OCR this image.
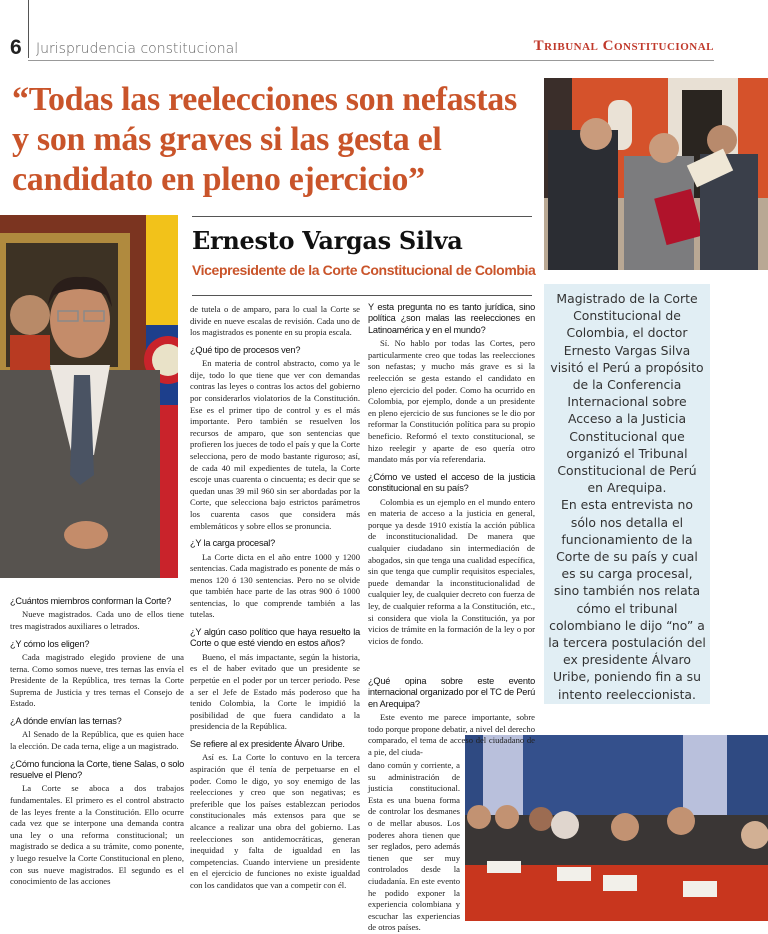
6 Jurisprudencia constitucional	Tribunal Constitucional
“Todas las reelecciones son nefastas y son más graves si las gesta el candidato en pleno ejercicio”
Ernesto Vargas Silva
Vicepresidente de la Corte Constitucional de Colombia

Magistrado de la Corte Constitucional de Colombia, el doctor Ernesto Vargas Silva visitó el Perú a propósito de la Conferencia Internacional sobre Acceso a la Justicia Constitucional que organizó el Tribunal Constitucional de Perú en Arequipa.

En esta entrevista no sólo nos detalla el funcionamiento de la Corte de su país y cual es su carga procesal, sino también nos relata cómo el tribunal colombiano le dijo “no” a la tercera postulación del ex presidente Álvaro Uribe, poniendo fin a su intento reeleccionista.

¿Cuántos miembros conforman la Corte?

Nueve magistrados. Cada uno de ellos tiene tres magistrados auxiliares o letrados.

¿Y cómo los eligen?

Cada magistrado elegido proviene de una terna. Como somos nueve, tres ternas las envía el Presidente de la República, tres ternas la Corte Suprema de Justicia y tres ternas el Consejo de Estado.

¿A dónde envían las ternas?

Al Senado de la República, que es quien hace la elección. De cada terna, elige a un magistrado.

¿Cómo funciona la Corte, tiene Salas, o solo resuelve el Pleno?

La Corte se aboca a dos trabajos fundamentales. El primero es el control abstracto de las leyes frente a la Constitución. Ello ocurre cada vez que se interpone una demanda contra una ley o una reforma constitucional; un magistrado se dedica a su trámite, como ponente, y luego resuelve la Corte Constitucional en pleno, con sus nueve magistrados. El segundo es el conocimiento de las acciones

de tutela o de amparo, para lo cual la Corte se divide en nueve escalas de revisión. Cada uno de los magistrados es ponente en su propia escala.

¿Qué tipo de procesos ven?

En materia de control abstracto, como ya le dije, todo lo que tiene que ver con demandas contras las leyes o contras los actos del gobierno por considerarlos violatorios de la Constitución. Ese es el primer tipo de control y es el más importante. Pero también se resuelven los recursos de amparo, que son sentencias que profieren los jueces de todo el país y que la Corte selecciona, pero de modo bastante riguroso; así, de cada 40 mil expedientes de tutela, la Corte escoje unas cuarenta o cincuenta; es decir que se quedan unas 39 mil 960 sin ser abordadas por la Corte, que selecciona bajo estrictos parámetros los cuarenta casos que considera más emblemáticos y sobre ellos se pronuncia.

¿Y la carga procesal?

La Corte dicta en el año entre 1000 y 1200 sentencias. Cada magistrado es ponente de más o menos 120 ó 130 sentencias. Pero no se olvide que también hace parte de las otras 900 ó 1000 sentencias, lo que comprende también a las tutelas.

¿Y algún caso político que haya resuelto la Corte o que esté viendo en estos años?

Bueno, el más impactante, según la historia, es el de haber evitado que un presidente se perpetúe en el poder por un tercer periodo. Pese a ser el Jefe de Estado más poderoso que ha tenido Colombia, la Corte le impidió la posibilidad de que fuera candidato a la presidencia de la República.

Se refiere al ex presidente Álvaro Uribe.

Así es. La Corte lo contuvo en la tercera aspiración que él tenía de perpetuarse en el poder. Como le digo, yo soy enemigo de las reelecciones y creo que son negativas; es preferible que los países establezcan periodos constitucionales más extensos para que se alcance a realizar una obra del gobierno. Las reelecciones son antidemocráticas, generan inequidad y falta de igualdad en las competencias. Cuando interviene un presidente en el ejercicio de funciones no existe igualdad con los candidatos que van a competir con él.

Y esta pregunta no es tanto jurídica, sino política ¿son malas las reelecciones en Latinoamérica y en el mundo?

Sí. No hablo por todas las Cortes, pero particularmente creo que todas las reelecciones son nefastas; y mucho más grave es si la reelección se gesta estando el candidato en pleno ejercicio del poder. Como ha ocurrido en Colombia, por ejemplo, donde a un presidente en pleno ejercicio de sus funciones se le dio por reformar la Constitución política para su propio beneficio. Reformó el texto constitucional, se hizo reelegir y aparte de eso quería otro mandato más por vía referendaria.

¿Cómo ve usted el acceso de la justicia constitucional en su país?

Colombia es un ejemplo en el mundo entero en materia de acceso a la justicia en general, porque ya desde 1910 existía la acción pública de inconstitucionalidad. De manera que cualquier ciudadano sin intermediación de abogados, sin que tenga una cualidad específica, sin que tenga que cumplir requisitos especiales, puede demandar la inconstitucionalidad de cualquier ley, de cualquier decreto con fuerza de ley, de cualquier reforma a la Constitución, etc., si considera que viola la Constitución, ya por vicios de trámite en la formación de la ley o por vicios de fondo.

¿Qué opina sobre este evento internacional organizado por el TC de Perú en Arequipa?

Este evento me parece importante, sobre todo porque propone debatir, a nivel del derecho comparado, el tema de acceso del ciudadano de a pie, del ciuda-

dano común y corriente, a su administración de justicia constitucional. Esta es una buena forma de controlar los desmanes o de mellar abusos. Los poderes ahora tienen que ser reglados, pero además tienen que ser muy controlados desde la ciudadanía. En este evento he podido exponer la experiencia colombiana y escuchar las experiencias de otros países.
